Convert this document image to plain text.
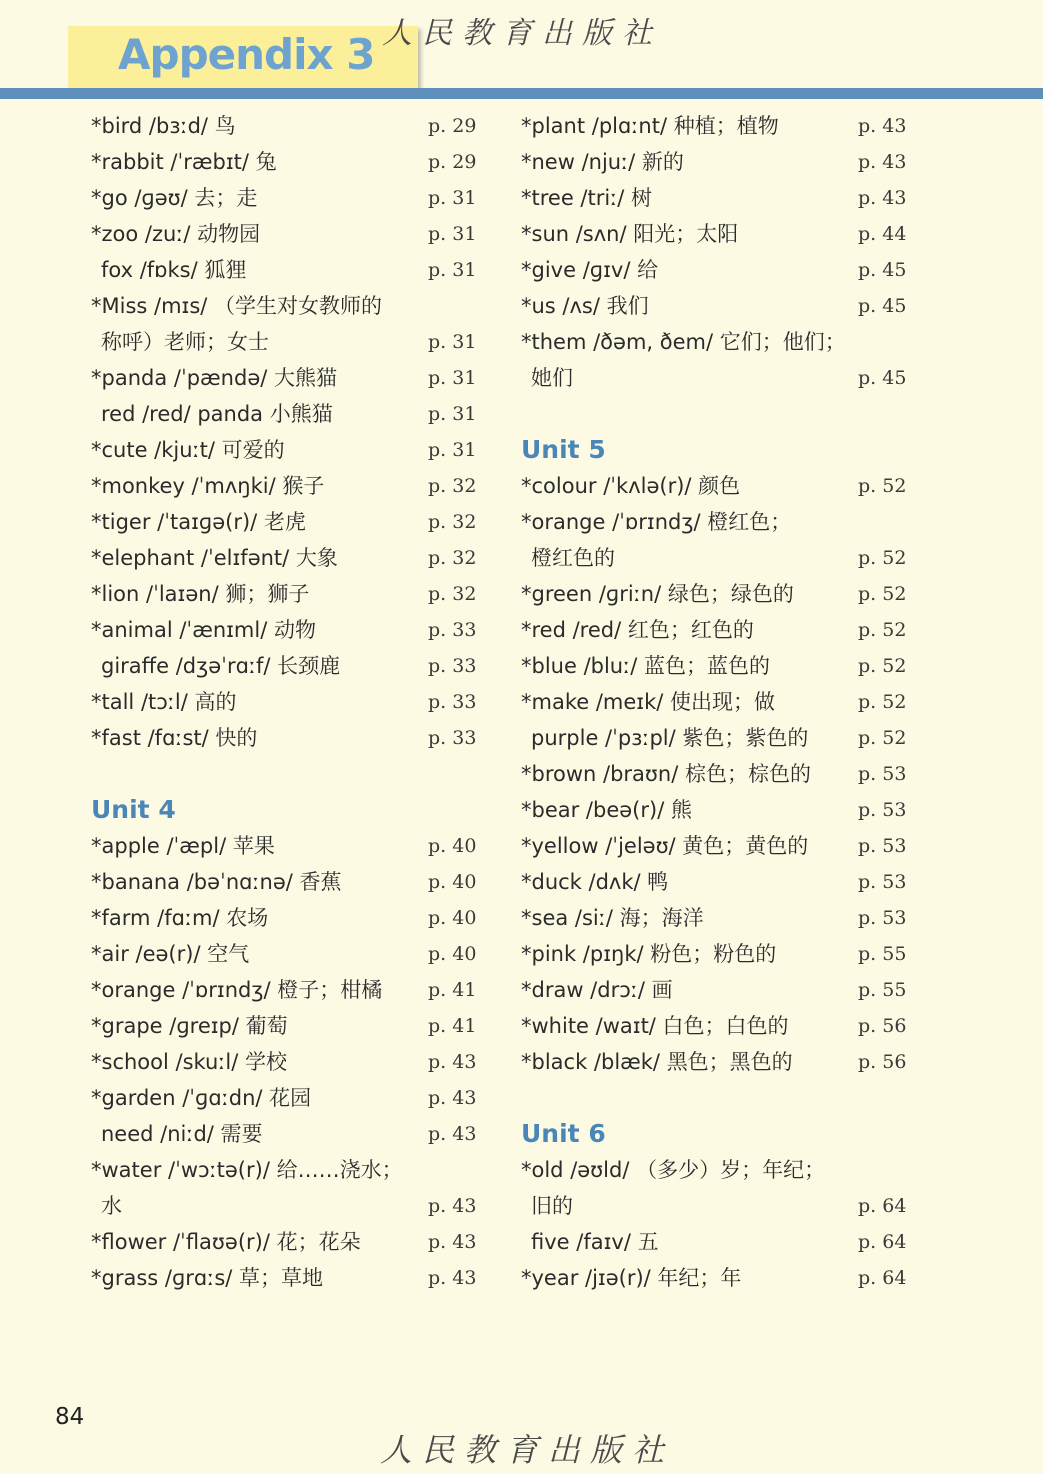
Appendix 3 人民教育出版社
*bird /bɜːd/ 鸟	p. 29
*rabbit /ˈræbɪt/ 兔	p. 29
*go /ɡəʊ/ 去；走	p. 31
*zoo /zuː/ 动物园	p. 31
fox /fɒks/ 狐狸	p. 31
*Miss /mɪs/ （学生对女教师的
称呼）老师；女士	p. 31
*panda /ˈpændə/ 大熊猫	p. 31
red /red/ panda 小熊猫	p. 31
*cute /kjuːt/ 可爱的	p. 31
*monkey /ˈmʌŋki/ 猴子	p. 32
*tiger /ˈtaɪɡə(r)/ 老虎	p. 32
*elephant /ˈelɪfənt/ 大象	p. 32
*lion /ˈlaɪən/ 狮；狮子	p. 32
*animal /ˈænɪml/ 动物	p. 33
giraffe /dʒəˈrɑːf/ 长颈鹿	p. 33
*tall /tɔːl/ 高的	p. 33
*fast /fɑːst/ 快的	p. 33
Unit 4
*apple /ˈæpl/ 苹果	p. 40
*banana /bəˈnɑːnə/ 香蕉	p. 40
*farm /fɑːm/ 农场	p. 40
*air /eə(r)/ 空气	p. 40
*orange /ˈɒrɪndʒ/ 橙子；柑橘 p. 41
*grape /ɡreɪp/ 葡萄	p. 41
*school /skuːl/ 学校	p. 43
*garden /ˈɡɑːdn/ 花园	p. 43
need /niːd/ 需要	p. 43
*water /ˈwɔːtə(r)/ 给……浇水；
水	p. 43
*flower /ˈflaʊə(r)/ 花；花朵	p. 43
*grass /ɡrɑːs/ 草；草地	p. 43
*plant /plɑːnt/ 种植；植物	p. 43
*new /njuː/ 新的	p. 43
*tree /triː/ 树	p. 43
*sun /sʌn/ 阳光；太阳	p. 44
*give /ɡɪv/ 给	p. 45
*us /ʌs/ 我们	p. 45
*them /ðəm, ðem/ 它们；他们；
她们	p. 45
Unit 5
*colour /ˈkʌlə(r)/ 颜色	p. 52
*orange /ˈɒrɪndʒ/ 橙红色；
橙红色的	p. 52
*green /ɡriːn/ 绿色；绿色的	p. 52
*red /red/ 红色；红色的	p. 52
*blue /bluː/ 蓝色；蓝色的	p. 52
*make /meɪk/ 使出现；做	p. 52
purple /ˈpɜːpl/ 紫色；紫色的	p. 52
*brown /braʊn/ 棕色；棕色的 p. 53
*bear /beə(r)/ 熊	p. 53
*yellow /ˈjeləʊ/ 黄色；黄色的	p. 53
*duck /dʌk/ 鸭	p. 53
*sea /siː/ 海；海洋	p. 53
*pink /pɪŋk/ 粉色；粉色的	p. 55
*draw /drɔː/ 画	p. 55
*white /waɪt/ 白色；白色的	p. 56
*black /blæk/ 黑色；黑色的	p. 56
Unit 6
*old /əʊld/ （多少）岁；年纪；
旧的	p. 64
five /faɪv/ 五	p. 64
*year /jɪə(r)/ 年纪；年	p. 64
84
人民教育出版社
